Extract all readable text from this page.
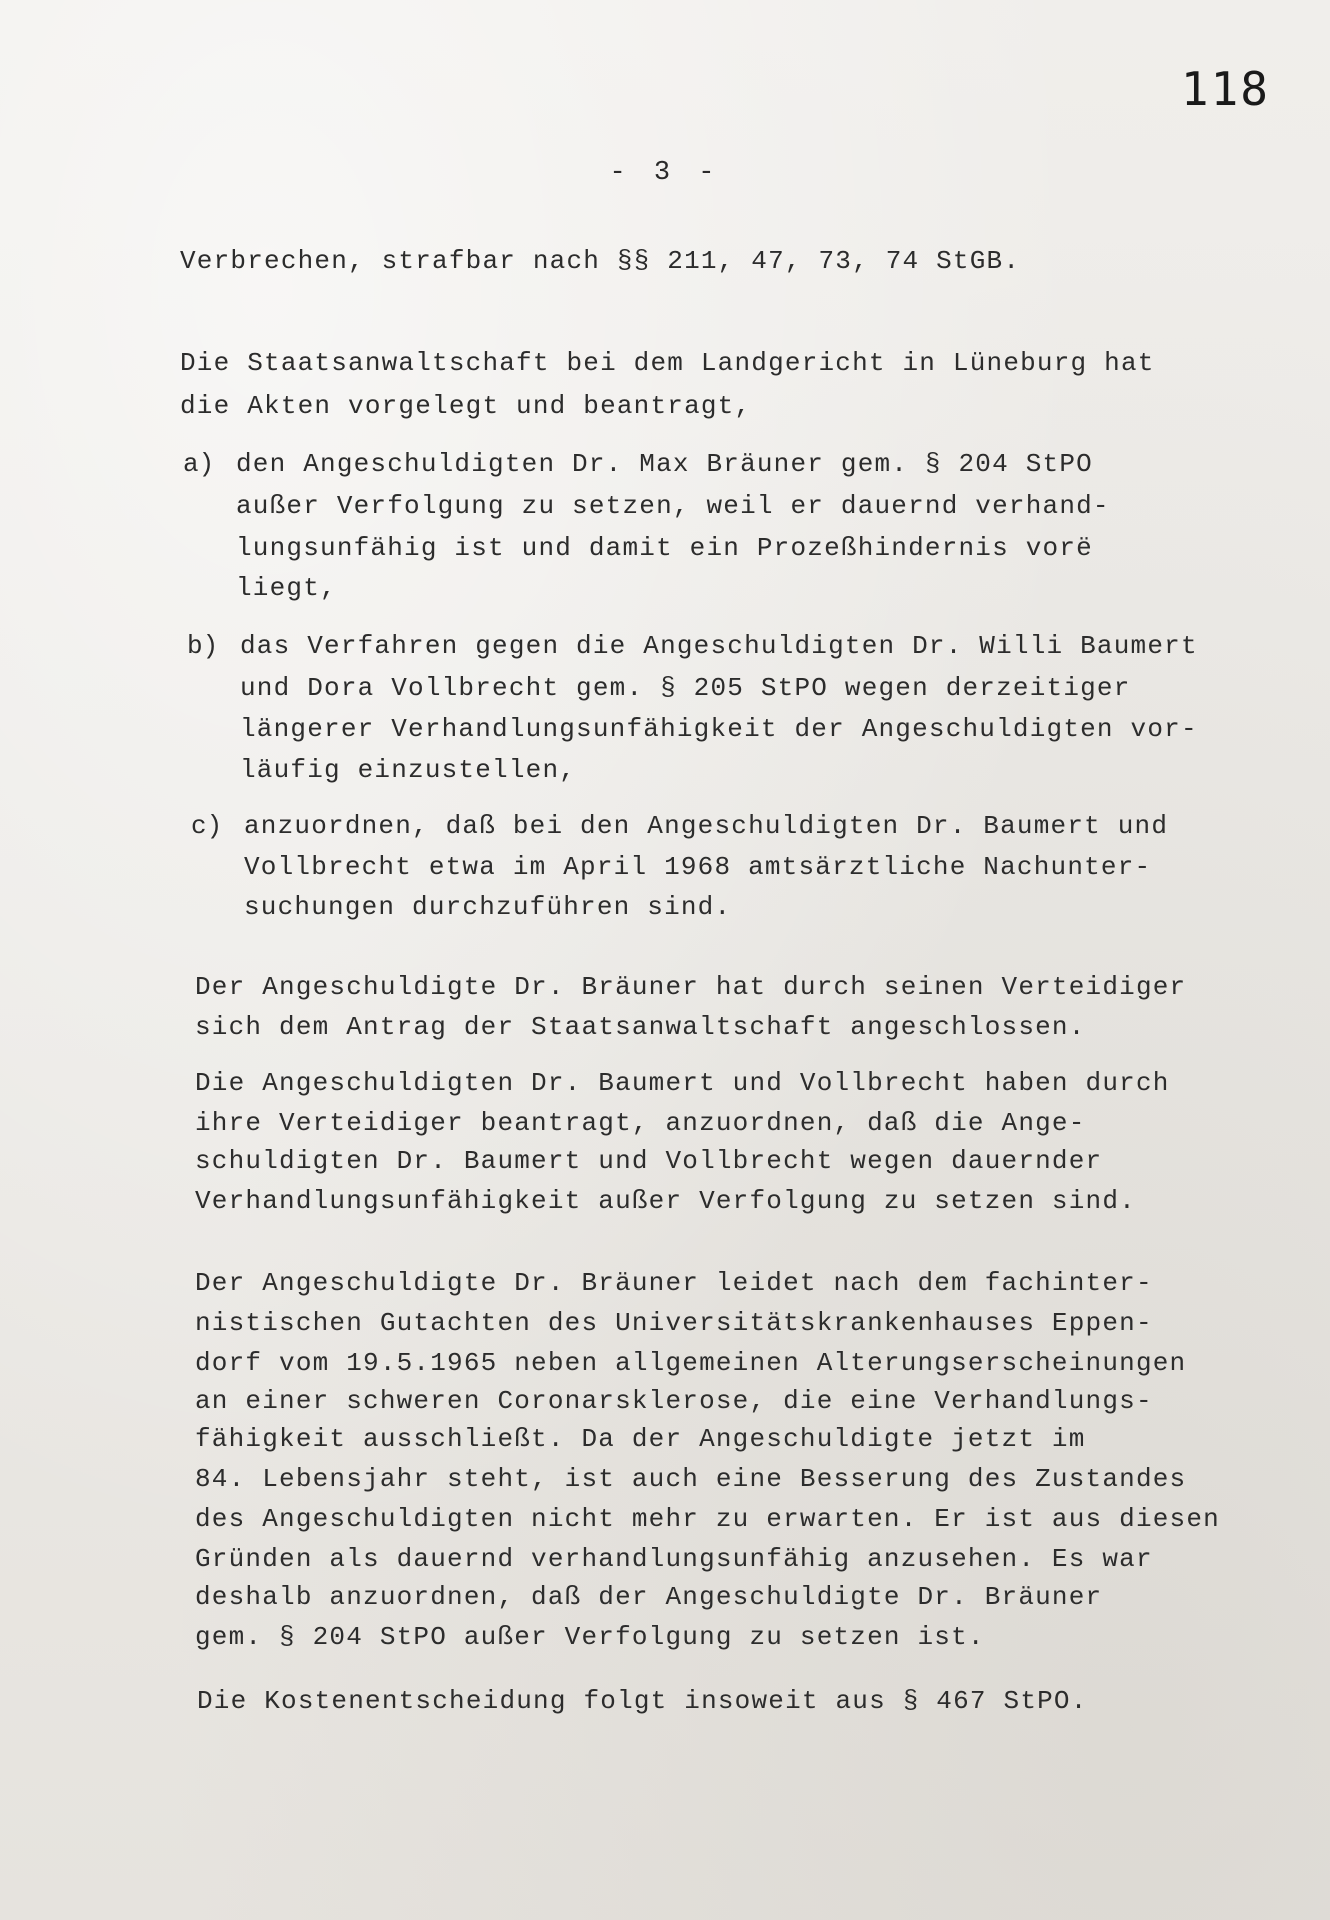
118
- 3 -
Verbrechen, strafbar nach §§ 211, 47, 73, 74 StGB.
Die Staatsanwaltschaft bei dem Landgericht in Lüneburg hat
die Akten vorgelegt und beantragt,
a) den Angeschuldigten Dr. Max Bräuner gem. § 204 StPO
außer Verfolgung zu setzen, weil er dauernd verhand-
lungsunfähig ist und damit ein Prozeßhindernis vorë
liegt,
b) das Verfahren gegen die Angeschuldigten Dr. Willi Baumert
und Dora Vollbrecht gem. § 205 StPO wegen derzeitiger
längerer Verhandlungsunfähigkeit der Angeschuldigten vor-
läufig einzustellen,
c) anzuordnen, daß bei den Angeschuldigten Dr. Baumert und
Vollbrecht etwa im April 1968 amtsärztliche Nachunter-
suchungen durchzuführen sind.
Der Angeschuldigte Dr. Bräuner hat durch seinen Verteidiger
sich dem Antrag der Staatsanwaltschaft angeschlossen.
Die Angeschuldigten Dr. Baumert und Vollbrecht haben durch
ihre Verteidiger beantragt, anzuordnen, daß die Ange-
schuldigten Dr. Baumert und Vollbrecht wegen dauernder
Verhandlungsunfähigkeit außer Verfolgung zu setzen sind.
Der Angeschuldigte Dr. Bräuner leidet nach dem fachinter-
nistischen Gutachten des Universitätskrankenhauses Eppen-
dorf vom 19.5.1965 neben allgemeinen Alterungserscheinungen
an einer schweren Coronarsklerose, die eine Verhandlungs-
fähigkeit ausschließt. Da der Angeschuldigte jetzt im
84. Lebensjahr steht, ist auch eine Besserung des Zustandes
des Angeschuldigten nicht mehr zu erwarten. Er ist aus diesen
Gründen als dauernd verhandlungsunfähig anzusehen. Es war
deshalb anzuordnen, daß der Angeschuldigte Dr. Bräuner
gem. § 204 StPO außer Verfolgung zu setzen ist.
Die Kostenentscheidung folgt insoweit aus § 467 StPO.
